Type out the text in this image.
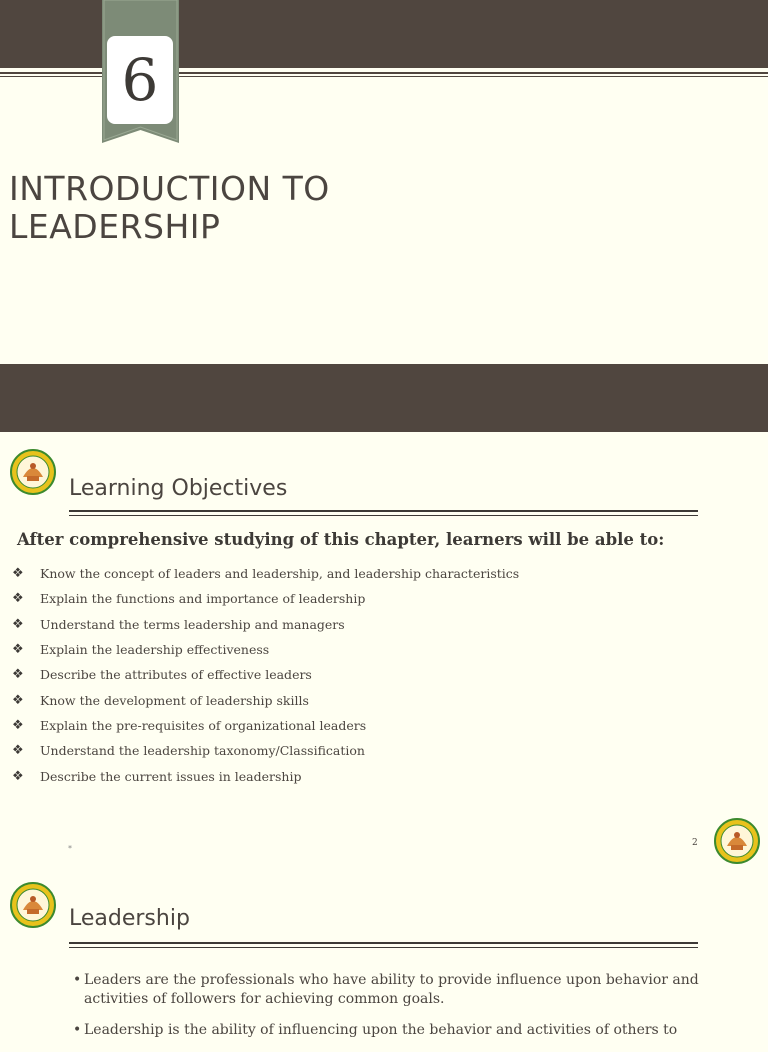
6
INTRODUCTION TO
LEADERSHIP
Learning Objectives
After comprehensive studying of this chapter, learners will be able to:
❖	Know the concept of leaders and leadership, and leadership characteristics
❖	Explain the functions and importance of leadership
❖	Understand the terms leadership and managers
❖	Explain the leadership effectiveness
❖	Describe the attributes of effective leaders
❖	Know the development of leadership skills
❖	Explain the pre-requisites of organizational leaders
❖	Understand the leadership taxonomy/Classification
❖	Describe the current issues in leadership
*
2
Leadership
• Leaders are the professionals who have ability to provide influence upon behavior and activities of followers for achieving common goals.
• Leadership is the ability of influencing upon the behavior and activities of others to
